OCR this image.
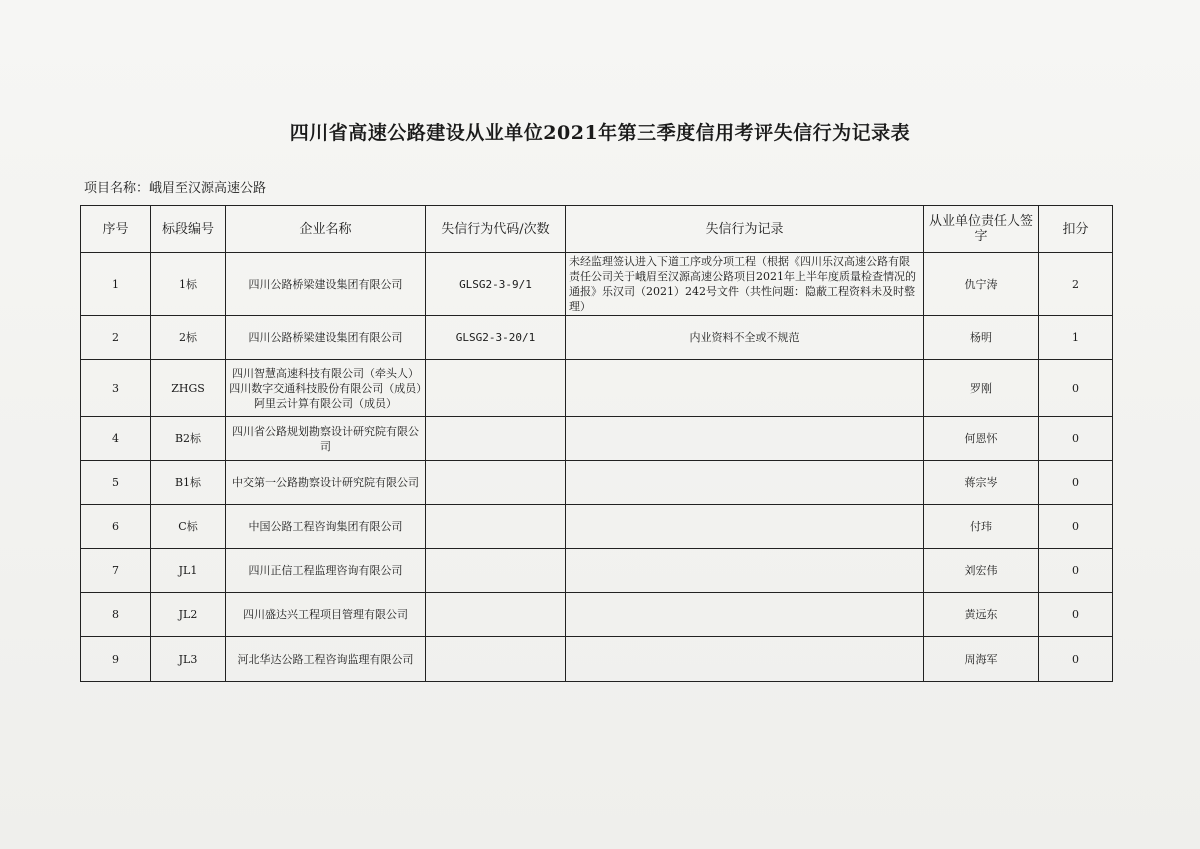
四川省高速公路建设从业单位2021年第三季度信用考评失信行为记录表
项目名称：峨眉至汉源高速公路
序号	标段编号	企业名称	失信行为代码/次数	失信行为记录	从业单位责任人签字	扣分
1	1标	四川公路桥梁建设集团有限公司	GLSG2-3-9/1	未经监理签认进入下道工序或分项工程（根据《四川乐汉高速公路有限责任公司关于峨眉至汉源高速公路项目2021年上半年度质量检查情况的通报》乐汉司（2021）242号文件（共性问题：隐蔽工程资料未及时整理）	仇宁涛	2
2	2标	四川公路桥梁建设集团有限公司	GLSG2-3-20/1	内业资料不全或不规范	杨明	1
3	ZHGS	四川智慧高速科技有限公司（牵头人）四川数字交通科技股份有限公司（成员）阿里云计算有限公司（成员）			罗刚	0
4	B2标	四川省公路规划勘察设计研究院有限公司			何恩怀	0
5	B1标	中交第一公路勘察设计研究院有限公司			蒋宗岑	0
6	C标	中国公路工程咨询集团有限公司			付玮	0
7	JL1	四川正信工程监理咨询有限公司			刘宏伟	0
8	JL2	四川盛达兴工程项目管理有限公司			黄远东	0
9	JL3	河北华达公路工程咨询监理有限公司			周海军	0
